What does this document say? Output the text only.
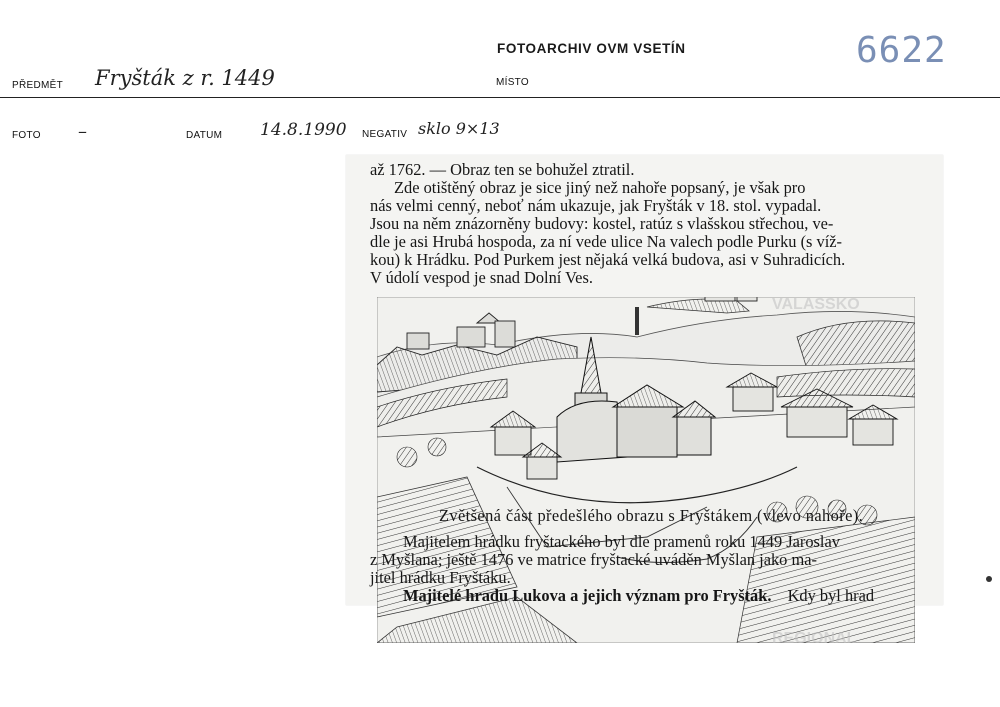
FOTOARCHIV OVM VSETÍN	6622
PŘEDMĚT Fryšták z r. 1449	MÍSTO
FOTO –	DATUM 14.8.1990 NEGATIV sklo 9×13
až 1762. — Obraz ten se bohužel ztratil.
Zde otištěný obraz je sice jiný než nahoře popsaný, je však pro
nás velmi cenný, neboť nám ukazuje, jak Fryšták v 18. stol. vypadal.
Jsou na něm znázorněny budovy: kostel, ratúz s vlašskou střechou, ve-
dle je asi Hrubá hospoda, za ní vede ulice Na valech podle Purku (s víž-
kou) k Hrádku. Pod Purkem jest nějaká velká budova, asi v Suhradicích.
V údolí vespod je snad Dolní Ves.
VALAŠSKO
REGIONAL
Zvětšená část předešlého obrazu s Fryštákem (vlevo nahoře).
Majitelem hrádku fryštackého byl dle pramenů roku 1449 Jaroslav
z Myšlana; ještě 1476 ve matrice fryštacké uváděn Myšlan jako ma-
jitel hrádku Fryštáku.
Majitelé hradu Lukova a jejich význam pro Fryšták. Kdy byl hrad
